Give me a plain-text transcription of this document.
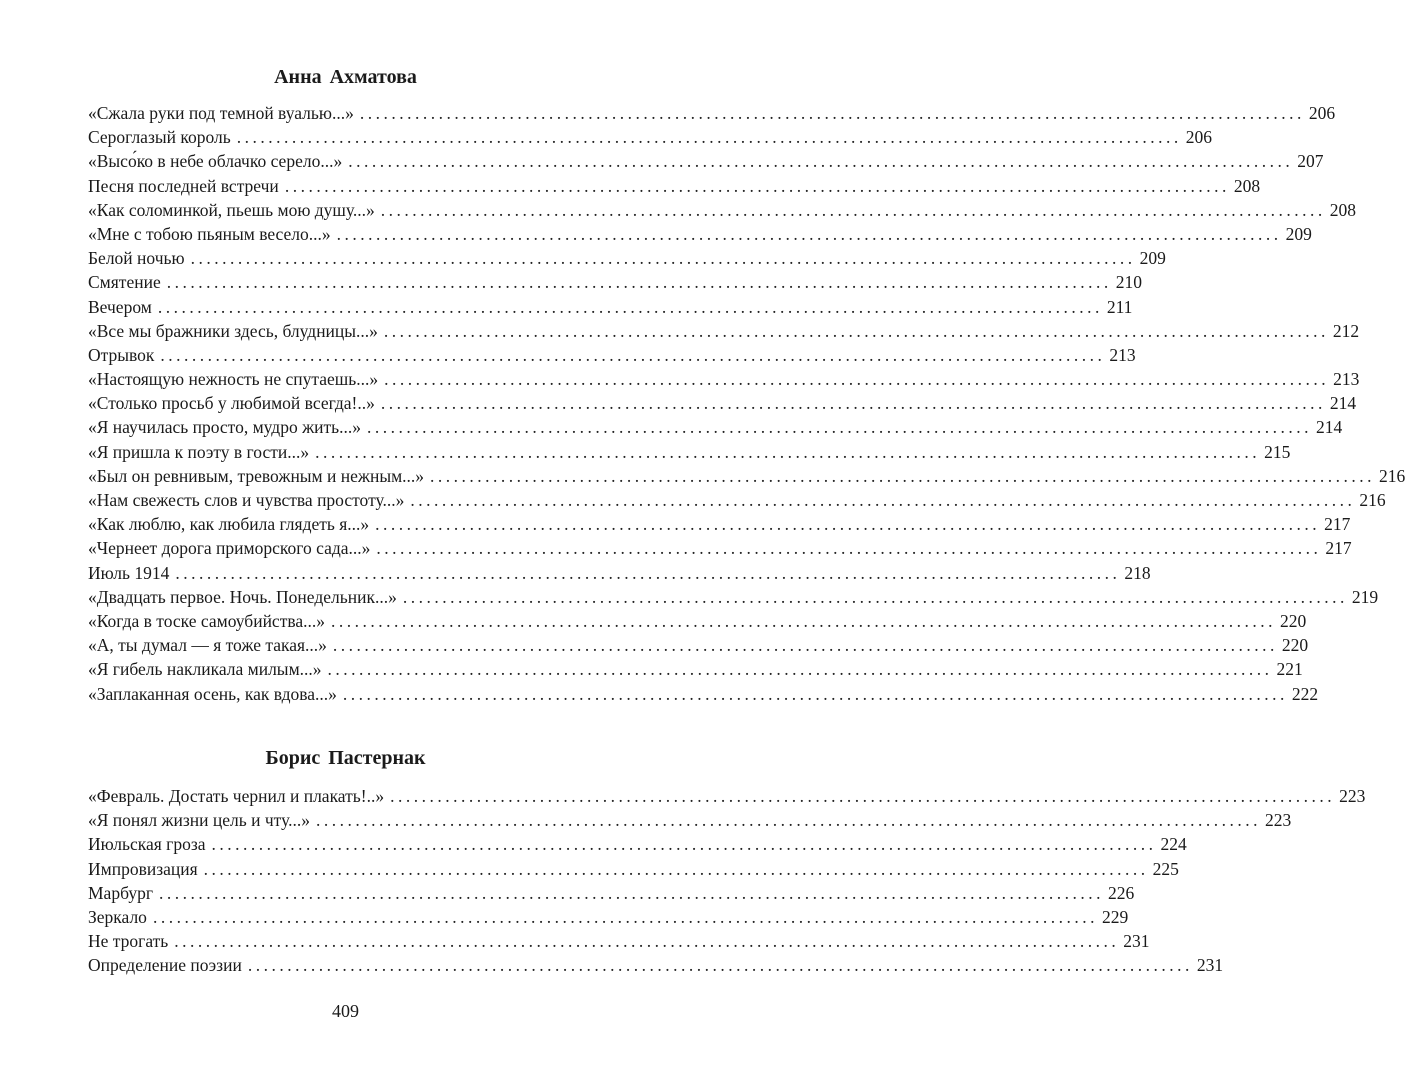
Анна Ахматова
«Сжала руки под темной вуалью...» ........................................................................................................................ 206
Сероглазый король ........................................................................................................................ 206
«Высо́ко в небе облачко серело...» ........................................................................................................................ 207
Песня последней встречи ........................................................................................................................ 208
«Как соломинкой, пьешь мою душу...» ........................................................................................................................ 208
«Мне с тобою пьяным весело...» ........................................................................................................................ 209
Белой ночью ........................................................................................................................ 209
Смятение ........................................................................................................................ 210
Вечером ........................................................................................................................ 211
«Все мы бражники здесь, блудницы...» ........................................................................................................................ 212
Отрывок ........................................................................................................................ 213
«Настоящую нежность не спутаешь...» ........................................................................................................................ 213
«Столько просьб у любимой всегда!..» ........................................................................................................................ 214
«Я научилась просто, мудро жить...» ........................................................................................................................ 214
«Я пришла к поэту в гости...» ........................................................................................................................ 215
«Был он ревнивым, тревожным и нежным...» ........................................................................................................................ 216
«Нам свежесть слов и чувства простоту...» ........................................................................................................................ 216
«Как люблю, как любила глядеть я...» ........................................................................................................................ 217
«Чернеет дорога приморского сада...» ........................................................................................................................ 217
Июль 1914 ........................................................................................................................ 218
«Двадцать первое. Ночь. Понедельник...» ........................................................................................................................ 219
«Когда в тоске самоубийства...» ........................................................................................................................ 220
«А, ты думал — я тоже такая...» ........................................................................................................................ 220
«Я гибель накликала милым...» ........................................................................................................................ 221
«Заплаканная осень, как вдова...» ........................................................................................................................ 222
Борис Пастернак
«Февраль. Достать чернил и плакать!..» ........................................................................................................................ 223
«Я понял жизни цель и чту...» ........................................................................................................................ 223
Июльская гроза ........................................................................................................................ 224
Импровизация ........................................................................................................................ 225
Марбург ........................................................................................................................ 226
Зеркало ........................................................................................................................ 229
Не трогать ........................................................................................................................ 231
Определение поэзии ........................................................................................................................ 231
409
